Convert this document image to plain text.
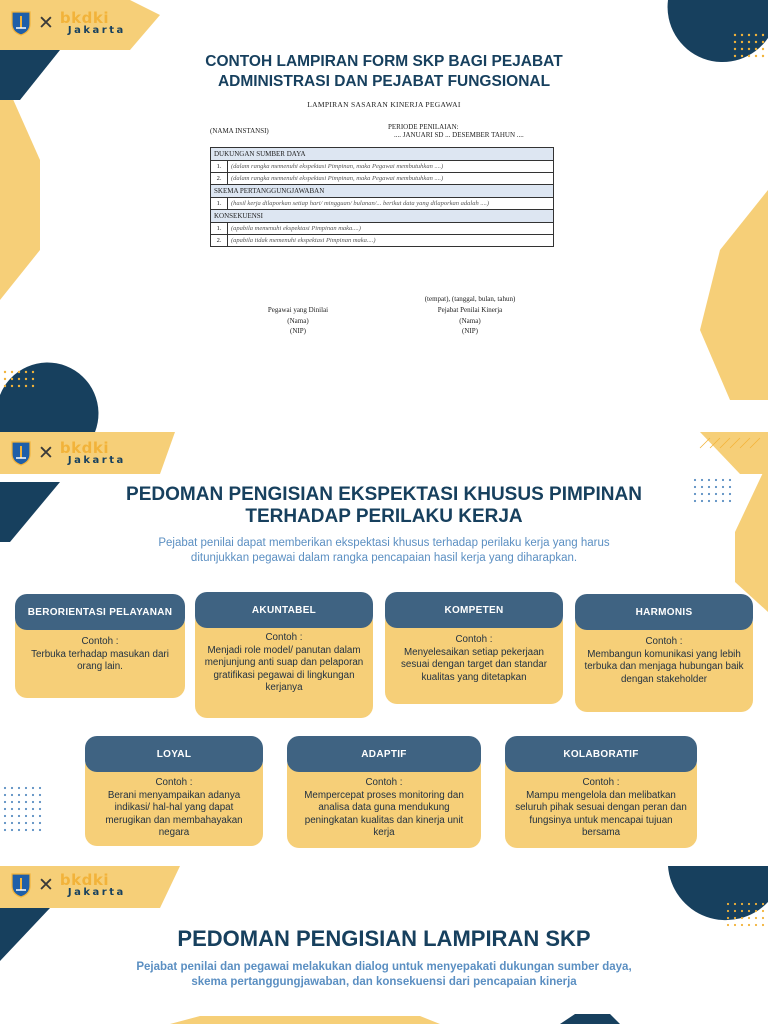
✕ bkdki
Jakarta
CONTOH LAMPIRAN FORM SKP BAGI PEJABAT
ADMINISTRASI DAN PEJABAT FUNGSIONAL
LAMPIRAN SASARAN KINERJA PEGAWAI
(NAMA INSTANSI)	PERIODE PENILAIAN:
.... JANUARI SD ... DESEMBER TAHUN ....
DUKUNGAN SUMBER DAYA	
1.	(dalam rangka memenuhi ekspektasi Pimpinan, maka Pegawai membutuhkan ....)
2.	(dalam rangka memenuhi ekspektasi Pimpinan, maka Pegawai membutuhkan ....)
SKEMA PERTANGGUNGJAWABAN	
1.	(hasil kerja dilaporkan setiap hari/ mingguan/ bulanan/... berikut data yang dilaporkan adalah ....)
KONSEKUENSI	
1.	(apabila memenuhi ekspektasi Pimpinan maka....)
2.	(apabila tidak memenuhi ekspektasi Pimpinan maka....)
(tempat), (tanggal, bulan, tahun)
Pegawai yang Dinilai
(Nama)
(NIP)
Pejabat Penilai Kinerja
(Nama)
(NIP)
✕ bkdki
Jakarta
PEDOMAN PENGISIAN EKSPEKTASI KHUSUS PIMPINAN
TERHADAP PERILAKU KERJA
Pejabat penilai dapat memberikan ekspektasi khusus terhadap perilaku kerja yang harus
ditunjukkan pegawai dalam rangka pencapaian hasil kerja yang diharapkan.
BERORIENTASI PELAYANAN
Contoh :
Terbuka terhadap masukan dari orang lain.
AKUNTABEL
Contoh :
Menjadi role model/ panutan dalam menjunjung anti suap dan pelaporan gratifikasi pegawai di lingkungan kerjanya
KOMPETEN
Contoh :
Menyelesaikan setiap pekerjaan sesuai dengan target dan standar kualitas yang ditetapkan
HARMONIS
Contoh :
Membangun komunikasi yang lebih terbuka dan menjaga hubungan baik dengan stakeholder
LOYAL
Contoh :
Berani menyampaikan adanya indikasi/ hal-hal yang dapat merugikan dan membahayakan negara
ADAPTIF
Contoh :
Mempercepat proses monitoring dan analisa data guna mendukung peningkatan kualitas dan kinerja unit kerja
KOLABORATIF
Contoh :
Mampu mengelola dan melibatkan seluruh pihak sesuai dengan peran dan fungsinya untuk mencapai tujuan bersama
✕ bkdki
Jakarta
PEDOMAN PENGISIAN LAMPIRAN SKP
Pejabat penilai dan pegawai melakukan dialog untuk menyepakati dukungan sumber daya,
skema pertanggungjawaban, dan konsekuensi dari pencapaian kinerja
